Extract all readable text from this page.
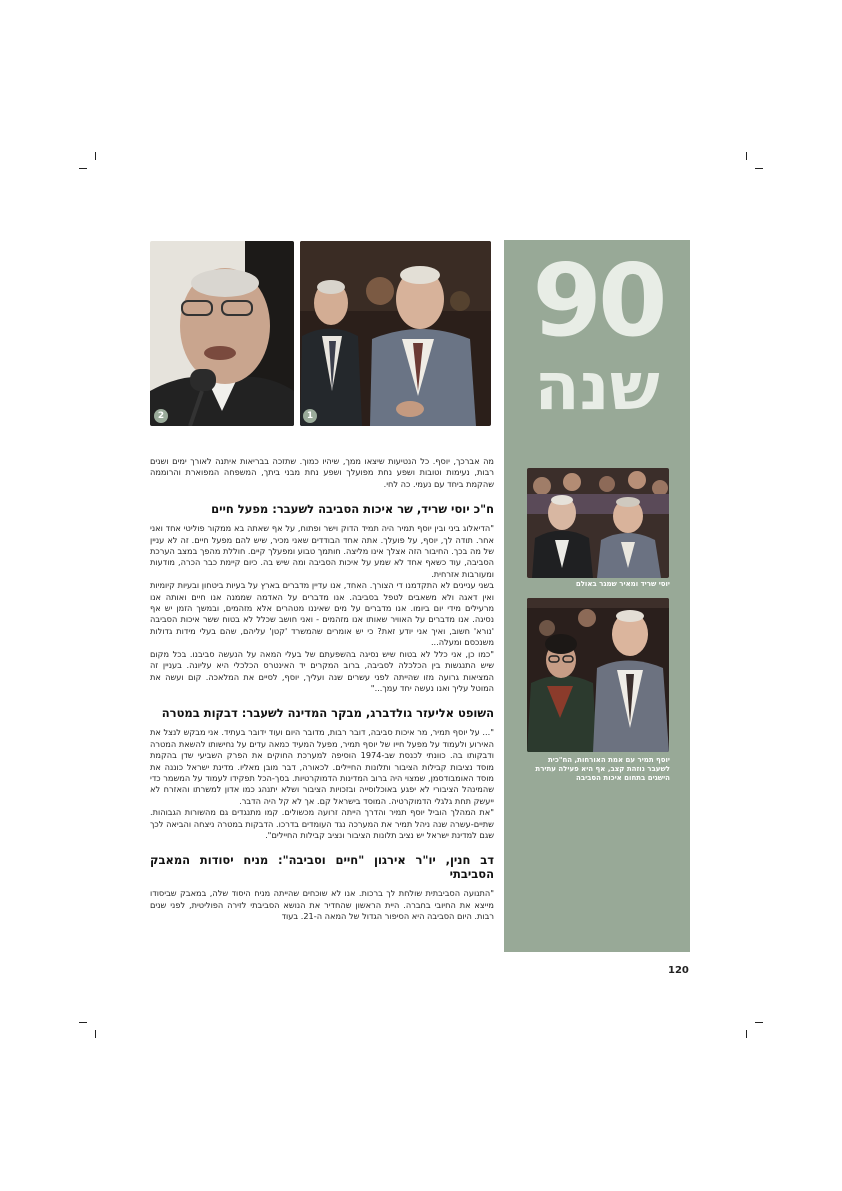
2	1
90
שנה
יוסי שריד ומאיר שמגר באולם
יוסף תמיר עם אמת האורחות, הח"כית
לשעבר נוזהת קצב, אף היא פעילה עתירת
הישגים בתחום איכות הסביבה

מה אברכך, יוסף. כל הנטיעות שיצאו ממך, שיהיו כמוך. שתזכה בבריאות איתנה לאורך ימים ושנים רבות, נעימות וטובות ושפע נחת מפועלך ושפע נחת מבני ביתך, המשפחה המפוארת והרוממה שהקמת ביחד עם נעמי. כה לחי.

ח"כ יוסי שריד, שר איכות הסביבה לשעבר: מפעל חיים

"הדיאלוג ביני ובין יוסף תמיר היה תמיד הדוק וישר ופתוח, על אף שאתה בא ממקור פוליטי אחד ואני אחר. תודה לך, יוסף, על פועלך. אתה אחד הבודדים שאני מכיר, שיש להם מפעל חיים. זה לא עניין של מה בכך. החיבור הזה אצלך אינו מליצה. חותמך טבוע ומפעלך קיים. חוללת מהפך במצב הערכת הסביבה, עוד כשאף אחד לא שמע על איכות הסביבה ומה שיש בה. כיום קיימת כבר הכרה, מודעות ומעורבות אזרחית.

בשני עניינים לא התקדמנו די הצורך. האחד, אנו עדיין מדברים בארץ על בעיות ביטחון ובעיות קיומיות ואין דאגה ולא משאבים לטפל בסביבה. אנו מדברים על האדמה שממנה אנו חיים ואותה אנו מרעילים מידי יום ביומו. אנו מדברים על מים שאיננו מטהרים אלא מזהמים, ובמשך הזמן יש אף נסיגה. אנו מדברים על האוויר שאותו אנו מזהמים - ואני חושב שכלל לא בטוח ששר איכות הסביבה 'נורא' חשוב, ואיך אני יודע זאת? כי יש אומרים שהמשרד 'קטן' עליהם, שהם בעלי מידות גדולות משנכסם ומעלה...

"כמו כן, אני כלל לא בטוח שיש נסיגה בהשפעתם של בעלי המאה על הנעשה סביבנו. בכל מקום שיש התנגשות בין הכלכלה לסביבה, ברוב המקרים יד האינטרס הכלכלי היא עליונה. בעניין זה המציאות גרועה מזו שהייתה לפני עשרים שנה ועליך, יוסף, לסיים את המלאכה. קום ועשה את המוטל עליך ואנו נעשה יחד עמך..."

השופט אליעזר גולדברג, מבקר המדינה לשעבר: דבקות במטרה

"... על יוסף תמיר, מר איכות סביבה, דובר רבות, מדובר היום ועוד ידובר בעתיד. אני מבקש לנצל את האירוע ולעמוד על מפעל חייו של יוסף תמיר, מפעל המעיד כמאה עדים על נחישותו להשאת המטרה ודבקותו בה. כוונתי לכנסת שב-1974 הוסיפה למערכת החוקים את הפרק השביעי שדן בהקמת מוסד נציבות קבילות הציבור ותלונות החיילים. לכאורה, דבר מובן מאליו. מדינת ישראל כוננה את מוסד האומבודסמן, שמצוי היה ברוב המדינות הדמוקרטיות. בסך-הכל תפקידו לעמוד על המשמר כדי שהמינהל הציבורי לא יפגע באוכלוסייה ובזכויות הציבור ושלא יתנהג כמו אדון למשרתו והאזרח לא ייעשק תחת גלגלי הדמוקרטיה. המוסד בישראל קם. אך לא קל היה הדבר.

"את המהלך הוביל יוסף תמיר והדרך הייתה זרועה מכשולים. קמו מתנגדים גם מהשורות הגבוהות. שתיים-עשרה שנה ניהל תמיר את המערכה נגד העומדים בדרכו. הדבקות במטרה ניצחה והביאה לכך שגם למדינת ישראל יש נציב תלונות הציבור ונציב קבילות החיילים".

דב חנין, יו"ר אירגון "חיים וסביבה": מניח יסודות המאבק הסביבתי

"התנועה הסביבתית שולחת לך ברכות. אנו לא שוכחים שהייתה מניח היסוד שלה, במאבק שביסודו מייצא את החיובי בחברה. היית הראשון שהחדיר את הנושא הסביבתי לזירה הפוליטית, לפני שנים רבות. היום הסביבה היא הסיפור הגדול של המאה ה-21. בעוד

120
